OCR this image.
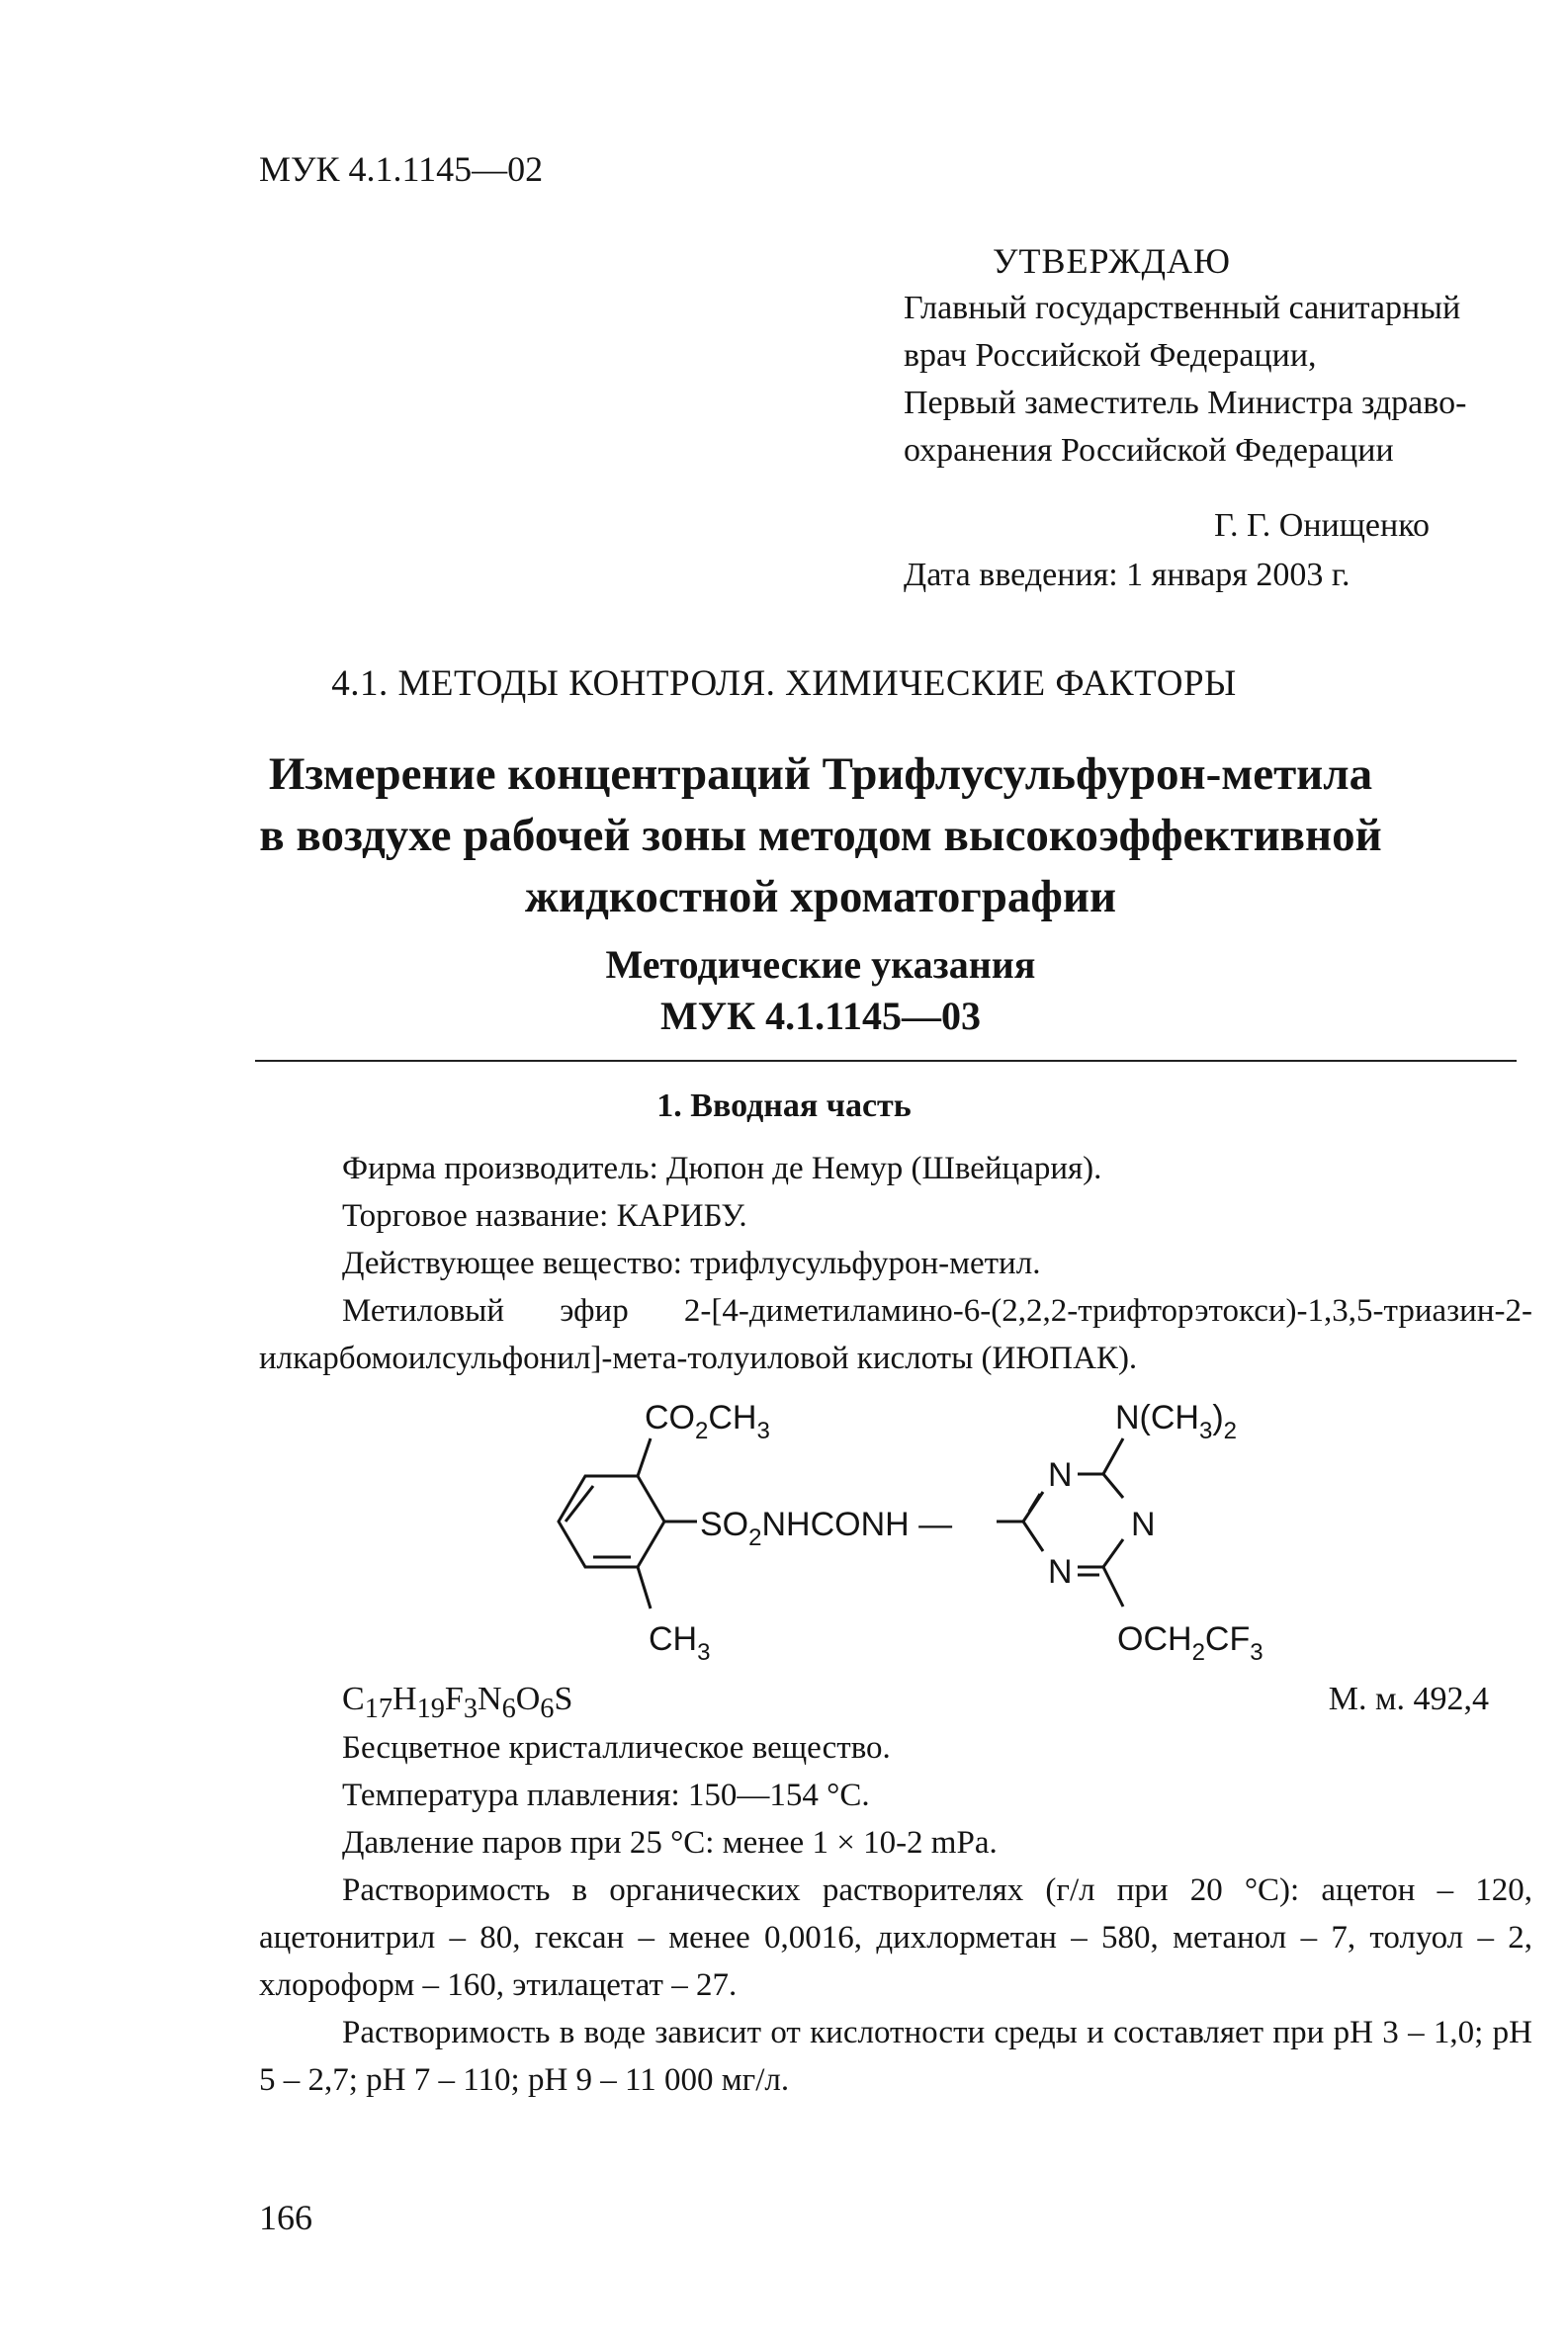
МУК 4.1.1145—02
УТВЕРЖДАЮ
Главный государственный санитарный
врач Российской Федерации,
Первый заместитель Министра здраво-
охранения Российской Федерации
Г. Г. Онищенко
Дата введения: 1 января 2003 г.
4.1. МЕТОДЫ КОНТРОЛЯ. ХИМИЧЕСКИЕ ФАКТОРЫ
Измерение концентраций Трифлусульфурон-метила
в воздухе рабочей зоны методом высокоэффективной
жидкостной хроматографии
Методические указания
МУК 4.1.1145—03
1. Вводная часть

Фирма производитель: Дюпон де Немур (Швейцария).

Торговое название: КАРИБУ.

Действующее вещество: трифлусульфурон-метил.

Метиловый эфир 2-[4-диметиламино-6-(2,2,2-трифторэтокси)-1,3,5-триазин-2-илкарбомоилсульфонил]-мета-толуиловой кислоты (ИЮПАК).

$CO_2CH_3$
$SO_2NHCONH$ —
$CH_3$
$N(CH_3)_2$
N
N
N
$OCH_2CF_3$
$C_{17}H_{19}F_3N_6O_6S$	М. м. 492,4

Бесцветное кристаллическое вещество.

Температура плавления: 150—154 °С.

Давление паров при 25 °С: менее 1 × 10-2 mPa.

Растворимость в органических растворителях (г/л при 20 °С): ацетон – 120, ацетонитрил – 80, гексан – менее 0,0016, дихлорметан – 580, метанол – 7, толуол – 2, хлороформ – 160, этилацетат – 27.

Растворимость в воде зависит от кислотности среды и составляет при рН 3 – 1,0; рН 5 – 2,7; рН 7 – 110; рН 9 – 11 000 мг/л.

166
